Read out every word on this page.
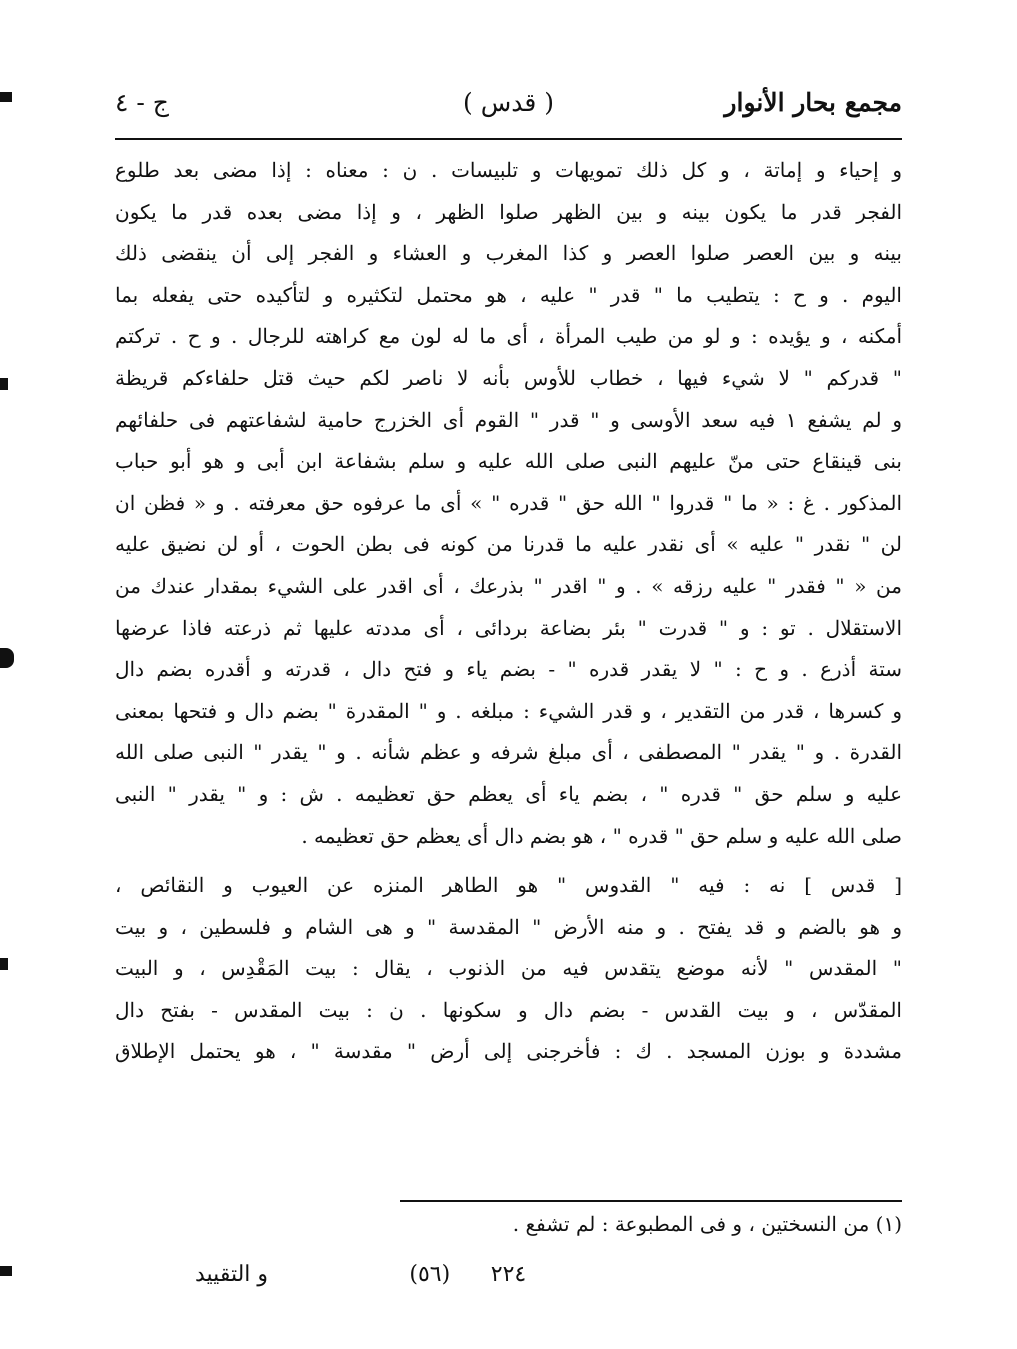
مجمع بحار الأنوار
( قدس )
ج - ٤
و إحياء و إماتة ، و كل ذلك تمويهات و تلبيسات . ن : معناه : إذا مضى بعد طلوع
الفجر قدر ما يكون بينه و بين الظهر صلوا الظهر ، و إذا مضى بعده قدر ما يكون
بينه و بين العصر صلوا العصر و كذا المغرب و العشاء و الفجر إلى أن ينقضى ذلك
اليوم . و ح : يتطيب ما " قدر " عليه ، هو محتمل لتكثيره و لتأكيده حتى يفعله بما
أمكنه ، و يؤيده : و لو من طيب المرأة ، أى ما له لون مع كراهته للرجال . و ح . تركتم
" قدركم " لا شيء فيها ، خطاب للأوس بأنه لا ناصر لكم حيث قتل حلفاءكم قريظة
و لم يشفع ١ فيه سعد الأوسى و " قدر " القوم أى الخزرج حامية لشفاعتهم فى حلفائهم
بنى قينقاع حتى منّ عليهم النبى صلى الله عليه و سلم بشفاعة ابن أبى و هو أبو حباب
المذكور . غ : « ما " قدروا " الله حق " قدره " » أى ما عرفوه حق معرفته . و « فظن ان
لن " نقدر " عليه » أى نقدر عليه ما قدرنا من كونه فى بطن الحوت ، أو لن نضيق عليه
من « " فقدر " عليه رزقه » . و " اقدر " بذرعك ، أى اقدر على الشيء بمقدار عندك من
الاستقلال . تو : و " قدرت " بئر بضاعة بردائى ، أى مددته عليها ثم ذرعته فاذا عرضها
ستة أذرع . و ح : " لا يقدر قدره " - بضم ياء و فتح دال ، قدرته و أقدره بضم دال
و كسرها ، قدر من التقدير ، و قدر الشيء : مبلغه . و " المقدرة " بضم دال و فتحها بمعنى
القدرة . و " يقدر " المصطفى ، أى مبلغ شرفه و عظم شأنه . و " يقدر " النبى صلى الله
عليه و سلم حق " قدره " ، بضم ياء أى يعظم حق تعظيمه . ش : و " يقدر " النبى
صلى الله عليه و سلم حق " قدره " ، هو بضم دال أى يعظم حق تعظيمه .
[ قدس ] نه : فيه " القدوس " هو الطاهر المنزه عن العيوب و النقائص ،
و هو بالضم و قد يفتح . و منه الأرض " المقدسة " و هى الشام و فلسطين ، و بيت
" المقدس " لأنه موضع يتقدس فيه من الذنوب ، يقال : بيت المَقْدِس ، و البيت
المقدّس ، و بيت القدس - بضم دال و سكونها . ن : بيت المقدس - بفتح دال
مشددة و بوزن المسجد . ك : فأخرجنى إلى أرض " مقدسة " ، هو يحتمل الإطلاق
(١) من النسختين ، و فى المطبوعة : لم تشفع .
٢٢٤
(٥٦)
و التقييد
